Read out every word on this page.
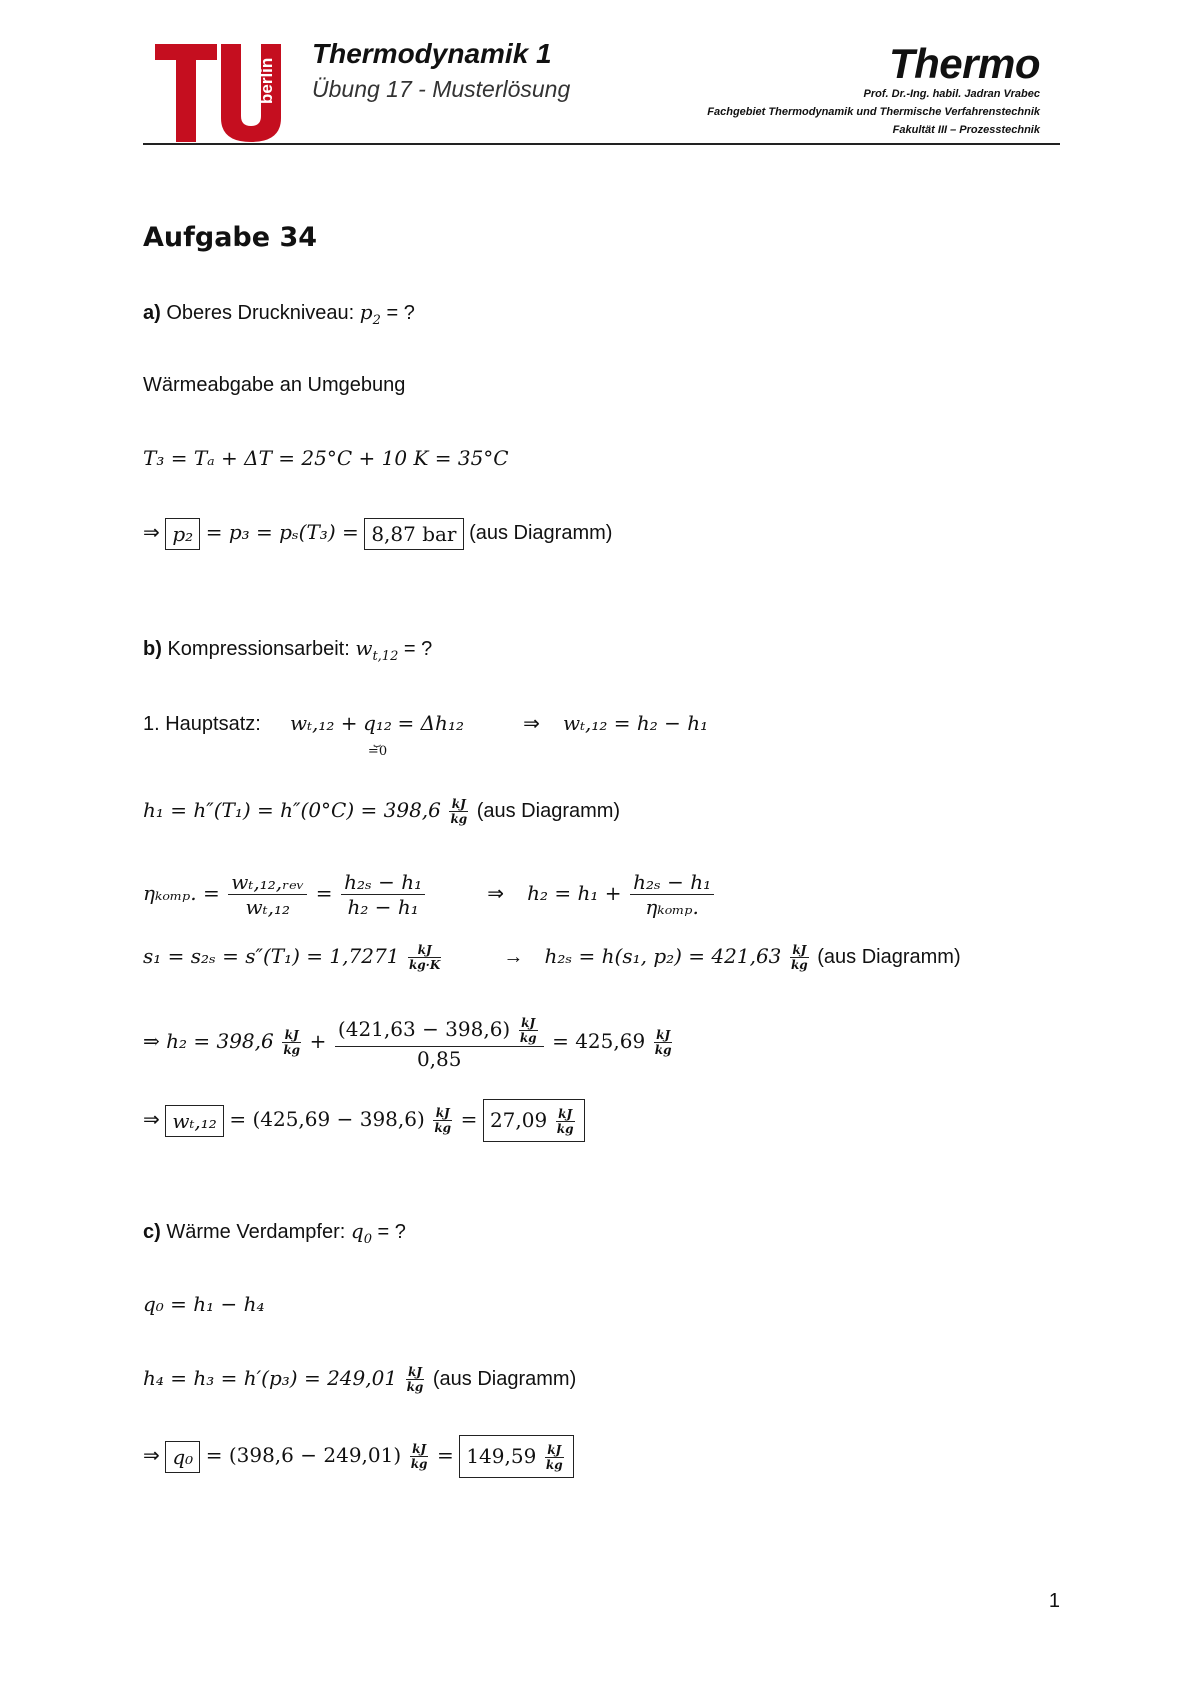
berlin
Thermodynamik 1
Übung 17 - Musterlösung
Thermo
Prof. Dr.-Ing. habil. Jadran Vrabec
Fachgebiet Thermodynamik und Thermische Verfahrenstechnik
Fakultät III – Prozesstechnik
Aufgabe 34
a) Oberes Druckniveau: $p_2$ = ?
Wärmeabgabe an Umgebung
T₃ = Tₐ + ΔT = 25°C + 10 K = 35°C
⇒ p₂ = p₃ = pₛ(T₃) = 8,87 bar (aus Diagramm)
b) Kompressionsarbeit: $w_{t,12}$ = ?
1. Hauptsatz: wₜ,₁₂ + q₁₂
⏟
=0
= Δh₁₂	⇒ wₜ,₁₂ = h₂ − h₁
$h_1 = h''(T_1) = h''(0^\circ C) = 398,6 \frac{kJ}{kg} (aus$ Diagramm)
ηₖₒₘₚ. = $\frac{\text{wₜ,₁₂,ᵣₑᵥ}}{\text{wₜ,₁₂}} = \frac{\text{h₂ₛ − h₁}}{\text{h₂ − h₁}}$	⇒ $h_2 = h_1 + \frac{\text{h₂ₛ − h₁}}{\text{ηₖₒₘₚ.}}$
$s_1 = s_{2s} = s''(T_1) = 1,7271 \frac{kJ}{kg\cdot K}$	→ h₂ₛ = h(s₁, $p_2) = 421,63 \frac{kJ}{kg} (aus$ Diagramm)
⇒ $h_2 = 398,6 \frac{kJ}{kg} + \frac{(421,63 - 398,6) \frac{kJ}{kg}}{0,85} = 425,69 \frac{kJ}{kg}$
⇒ $w_t,_{12} = (425,69 - 398,6) \frac{kJ}{kg} = 27,09 \frac{kJ}{kg}$
c) Wärme Verdampfer: $q_0$ = ?
q₀ = h₁ − h₄
$h_4 = h_3 = h'(p_3) = 249,01 \frac{kJ}{kg} (aus$ Diagramm)
⇒ $q_0 = (398,6 - 249,01) \frac{kJ}{kg} = 149,59 \frac{kJ}{kg}$
1
